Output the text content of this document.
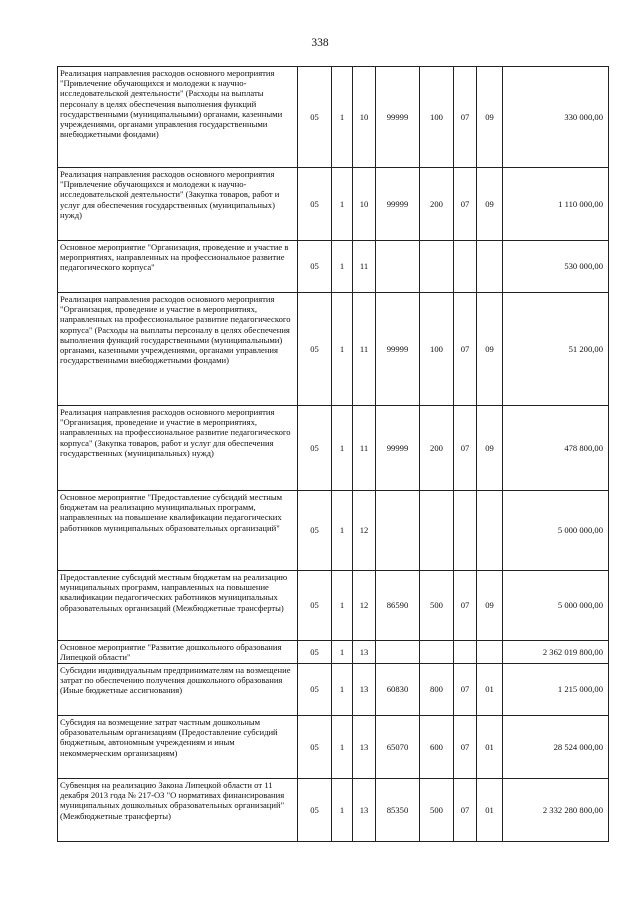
338
Реализация направления расходов основного мероприятия "Привлечение обучающихся и молодежи к научно-исследовательской деятельности" (Расходы на выплаты персоналу в целях обеспечения выполнения функций государственными (муниципальными) органами, казенными учреждениями, органами управления государственными внебюджетными фондами)	05	1	10	99999	100	07	09	330 000,00
Реализация направления расходов основного мероприятия "Привлечение обучающихся и молодежи к научно-исследовательской деятельности" (Закупка товаров, работ и услуг для обеспечения государственных (муниципальных) нужд)	05	1	10	99999	200	07	09	1 110 000,00
Основное мероприятие "Организация, проведение и участие в мероприятиях, направленных на профессиональное развитие педагогического корпуса"	05	1	11					530 000,00
Реализация направления расходов основного мероприятия "Организация, проведение и участие в мероприятиях, направленных на профессиональное развитие педагогического корпуса" (Расходы на выплаты персоналу в целях обеспечения выполнения функций государственными (муниципальными) органами, казенными учреждениями, органами управления государственными внебюджетными фондами)	05	1	11	99999	100	07	09	51 200,00
Реализация направления расходов основного мероприятия "Организация, проведение и участие в мероприятиях, направленных на профессиональное развитие педагогического корпуса" (Закупка товаров, работ и услуг для обеспечения государственных (муниципальных) нужд)	05	1	11	99999	200	07	09	478 800,00
Основное мероприятие "Предоставление субсидий местным бюджетам на реализацию муниципальных программ, направленных на повышение квалификации педагогических работников муниципальных образовательных организаций"	05	1	12					5 000 000,00
Предоставление субсидий местным бюджетам на реализацию муниципальных программ, направленных на повышение квалификации педагогических работников муниципальных образовательных организаций (Межбюджетные трансферты)	05	1	12	86590	500	07	09	5 000 000,00
Основное мероприятие "Развитие дошкольного образования Липецкой области"	05	1	13					2 362 019 800,00
Субсидии индивидуальным предпринимателям на возмещение затрат по обеспечению получения дошкольного образования (Иные бюджетные ассигнования)	05	1	13	60830	800	07	01	1 215 000,00
Субсидия на возмещение затрат частным дошкольным образовательным организациям (Предоставление субсидий бюджетным, автономным учреждениям и иным некоммерческим организациям)	05	1	13	65070	600	07	01	28 524 000,00
Субвенция на реализацию Закона Липецкой области от 11 декабря 2013 года № 217-ОЗ "О нормативах финансирования муниципальных дошкольных образовательных организаций" (Межбюджетные трансферты)	05	1	13	85350	500	07	01	2 332 280 800,00
